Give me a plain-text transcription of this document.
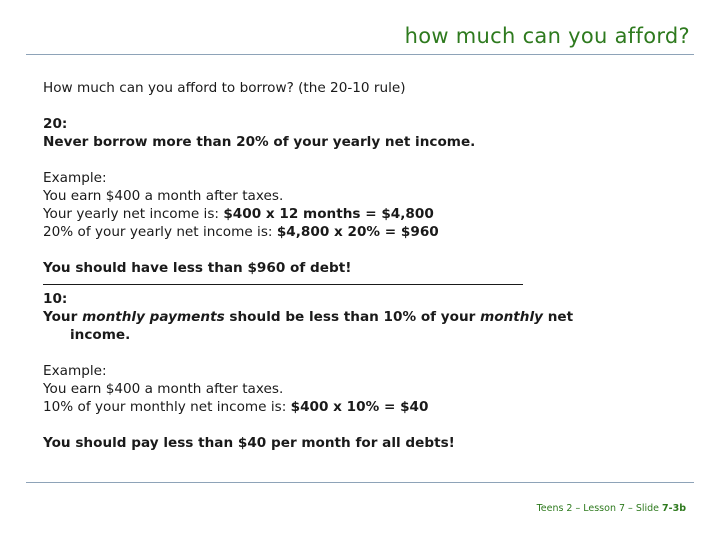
how much can you afford?

How much can you afford to borrow? (the 20-10 rule)

20:

Never borrow more than 20% of your yearly net income.

Example:

You earn $400 a month after taxes.

Your yearly net income is: $400 x 12 months = $4,800

20% of your yearly net income is: $4,800 x 20% = $960

You should have less than $960 of debt!

10:

Your monthly payments should be less than 10% of your monthly net

income.

Example:

You earn $400 a month after taxes.

10% of your monthly net income is: $400 x 10% = $40

You should pay less than $40 per month for all debts!

Teens 2 – Lesson 7 – Slide 7-3b
